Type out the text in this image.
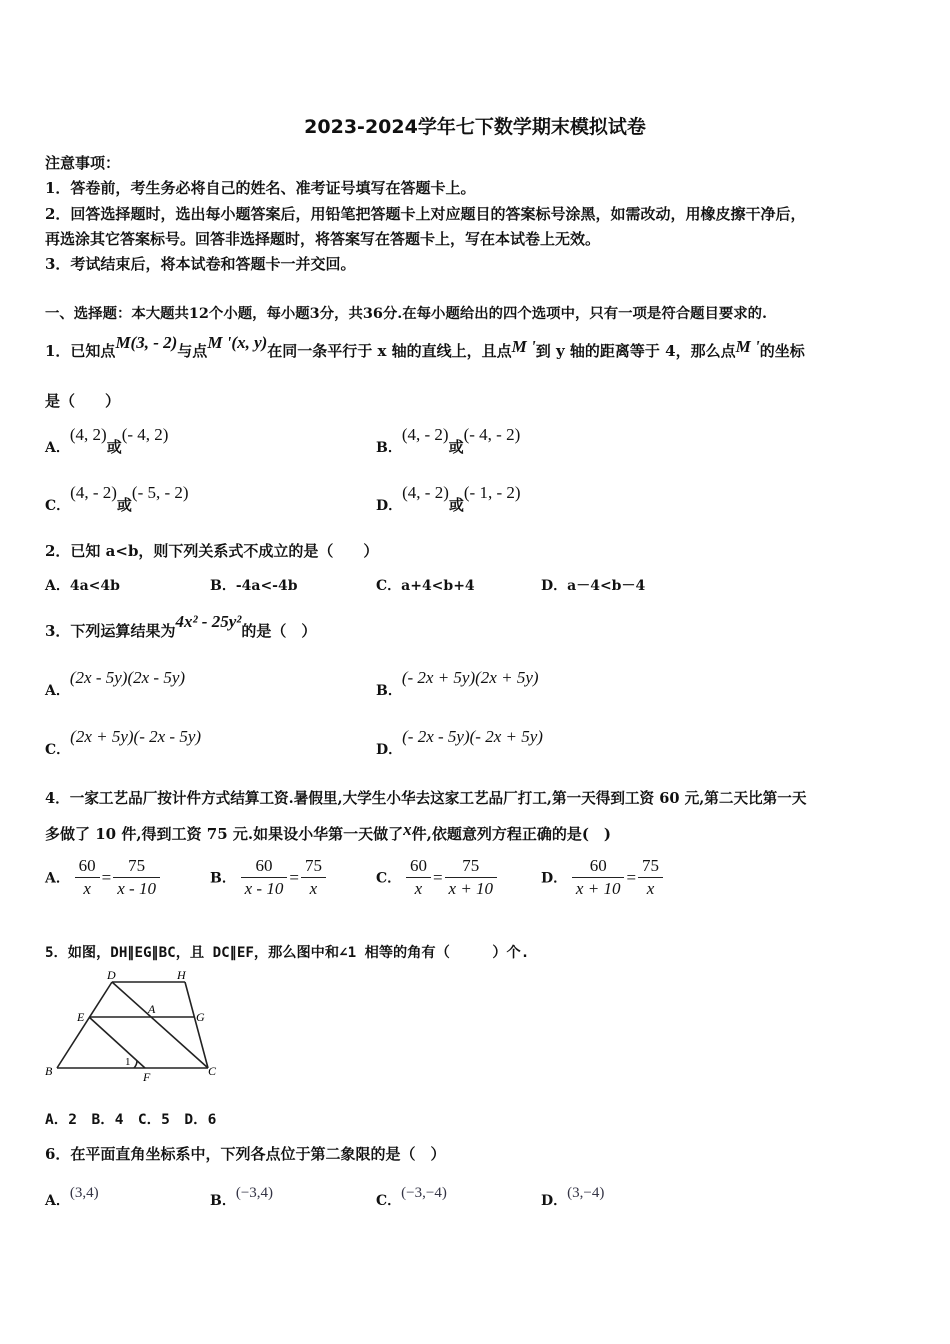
2023-2024学年七下数学期末模拟试卷
注意事项：
1．答卷前，考生务必将自己的姓名、准考证号填写在答题卡上。
2．回答选择题时，选出每小题答案后，用铅笔把答题卡上对应题目的答案标号涂黑，如需改动，用橡皮擦干净后，
再选涂其它答案标号。回答非选择题时，将答案写在答题卡上，写在本试卷上无效。
3．考试结束后，将本试卷和答题卡一并交回。
一、选择题：本大题共12个小题，每小题3分，共36分.在每小题给出的四个选项中，只有一项是符合题目要求的.
1．已知点M(3, - 2)与点M '(x, y)在同一条平行于 x 轴的直线上，且点M '到 y 轴的距离等于 4，那么点M '的坐标
是（　　）
A．(4, 2)或(- 4, 2)
B．(4, - 2)或(- 4, - 2)
C．(4, - 2)或(- 5, - 2)
D．(4, - 2)或(- 1, - 2)
2．已知 a<b，则下列关系式不成立的是（　　）
A．4a<4b	B．-4a<-4b	C．a+4<b+4	D．a－4<b－4
3．下列运算结果为4x² - 25y²的是（　）
A．(2x - 5y)(2x - 5y)
B．(- 2x + 5y)(2x + 5y)
C．(2x + 5y)(- 2x - 5y)
D．(- 2x - 5y)(- 2x + 5y)
4．一家工艺品厂按计件方式结算工资.暑假里,大学生小华去这家工艺品厂打工,第一天得到工资 60 元,第二天比第一天
多做了 10 件,得到工资 75 元.如果设小华第一天做了x件,依题意列方程正确的是(　)
A． $\frac{60}{x} = \frac{75}{x - 10}$	B． $\frac{60}{x - 10} = \frac{75}{x}$	C． $\frac{60}{x} = \frac{75}{x + 10}$	D． $\frac{60}{x + 10} = \frac{75}{x}$
5．如图，DH∥EG∥BC，且 DC∥EF，那么图中和∠1 相等的角有（　　　）个.
D	H
E
A
G
B	F	C
1
A．2　B．4　C．5　D．6
6．在平面直角坐标系中，下列各点位于第二象限的是（　）
A．(3,4)	B．(−3,4)	C．(−3,−4)	D．(3,−4)
